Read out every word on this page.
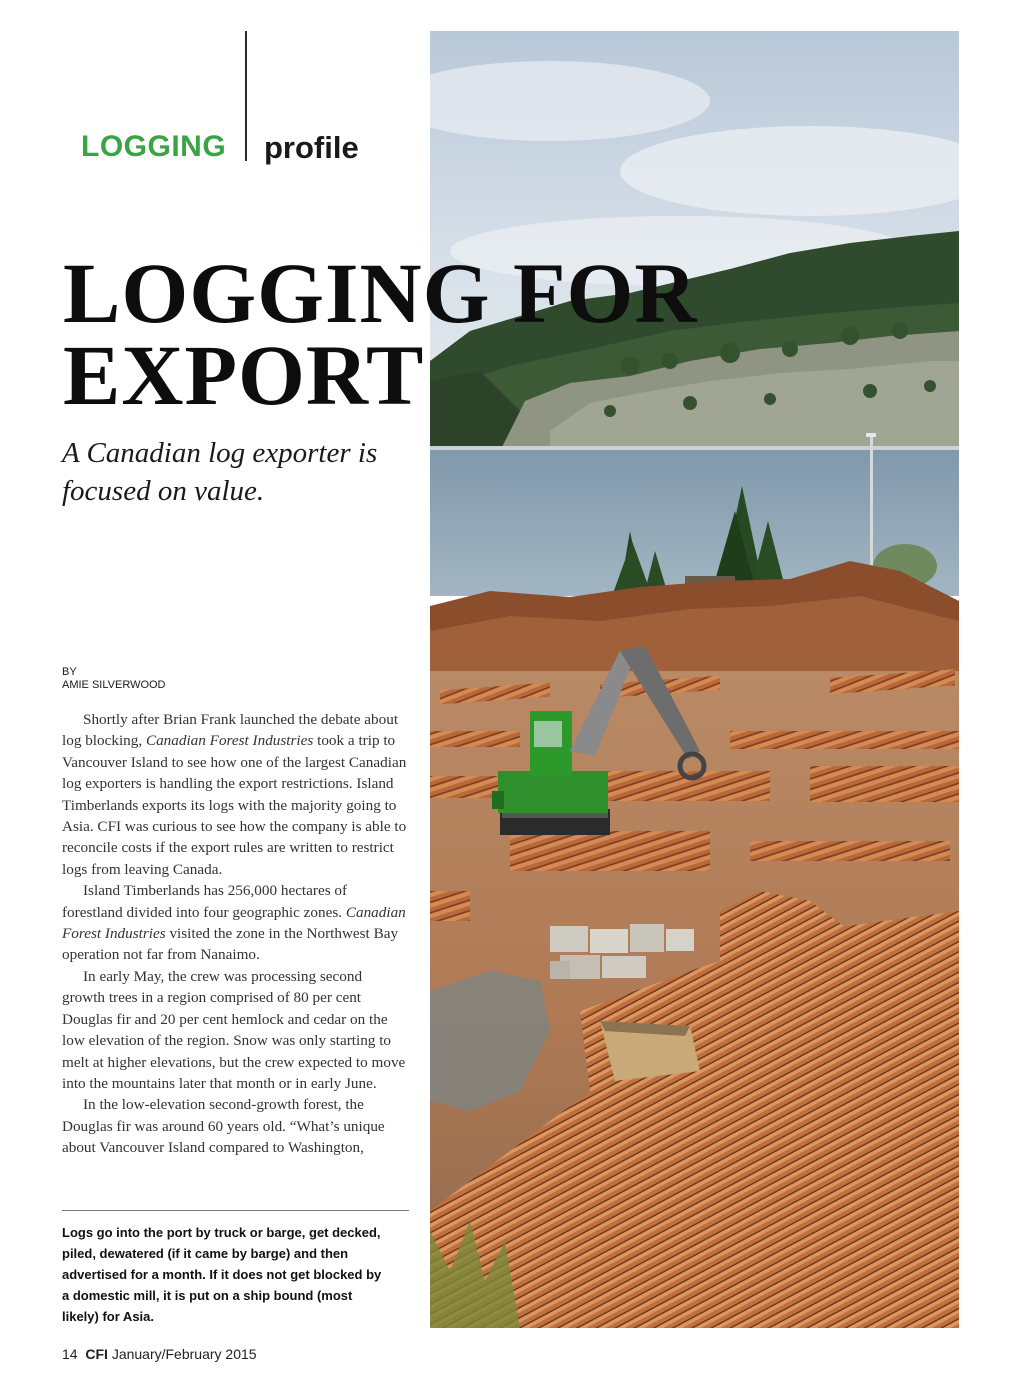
LOGGING profile
LOGGING FOR
EXPORT

A Canadian log exporter is focused on value.

BY
AMIE SILVERWOOD

Shortly after Brian Frank launched the debate about log blocking, Canadian Forest Industries took a trip to Vancouver Island to see how one of the largest Canadian log exporters is handling the export restrictions. Island Timberlands exports its logs with the majority going to Asia. CFI was curious to see how the company is able to reconcile costs if the export rules are written to restrict logs from leaving Canada.

Island Timberlands has 256,000 hectares of forestland divided into four geographic zones. Canadian Forest Industries visited the zone in the Northwest Bay operation not far from Nanaimo.

In early May, the crew was processing second growth trees in a region comprised of 80 per cent Douglas fir and 20 per cent hemlock and cedar on the low elevation of the region. Snow was only starting to melt at higher elevations, but the crew expected to move into the mountains later that month or in early June.

In the low-elevation second-growth forest, the Douglas fir was around 60 years old. “What’s unique about Vancouver Island compared to Washington,

Logs go into the port by truck or barge, get decked, piled, dewatered (if it came by barge) and then advertised for a month. If it does not get blocked by a domestic mill, it is put on a ship bound (most likely) for Asia.

14 CFI January/February 2015
